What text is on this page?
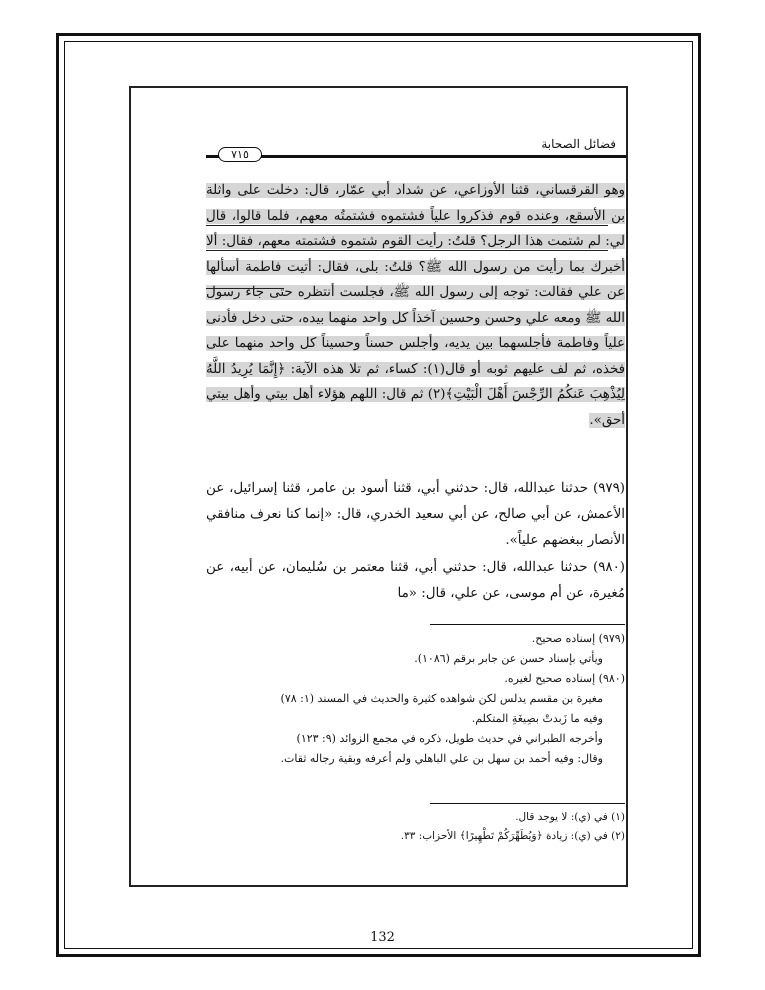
فضائل الصحابة
٧١٥

وهو القرقساني، قثنا الأوزاعي، عن شداد أبي عمّار، قال: دخلت على واثلة بن الأسقع، وعنده قوم فذكروا علياً فشتموه فشتمتُه معهم، فلما قالوا، قال لي: لم شتمت هذا الرجل؟ قلتُ: رأيت القوم شتموه فشتمته معهم، فقال: ألا أخبرك بما رأيت من رسول الله ﷺ؟ قلتُ: بلى، فقال: أتيت فاطمة أسألها عن علي فقالت: توجه إلى رسول الله ﷺ، فجلست أنتظره حتى جاء رسول الله ﷺ ومعه علي وحسن وحسين آخذاً كل واحد منهما بيده، حتى دخل فأدنى علياً وفاطمة فأجلسهما بين يديه، وأجلس حسناً وحسيناً كل واحد منهما على فخذه، ثم لف عليهم ثوبه أو قال(١): كساء، ثم تلا هذه الآية: ﴿إِنَّمَا يُرِيدُ اللَّهُ لِيُذْهِبَ عَنكُمُ الرِّجْسَ أَهْلَ الْبَيْتِ﴾(٢) ثم قال: اللهم هؤلاء أهل بيتي وأهل بيتي أحق».

(٩٧٩) حدثنا عبدالله، قال: حدثني أبي، قثنا أسود بن عامر، قثنا إسرائيل، عن الأعمش، عن أبي صالح، عن أبي سعيد الخدري، قال: «إنما كنا نعرف منافقي الأنصار ببغضهم علياً».

(٩٨٠) حدثنا عبدالله، قال: حدثني أبي، قثنا معتمر بن سُليمان، عن أبيه، عن مُغيرة، عن أم موسى، عن علي، قال: «ما

(٩٧٩) إسناده صحيح.
ويأتي بإسناد حسن عن جابر برقم (١٠٨٦).
(٩٨٠) إسناده صحيح لغيره.
مغيرة بن مقسم يدلس لكن شواهده كثيرة والحديث في المسند (١: ٧٨)
وفيه ما زَبدتْ بصِيغَةِ المتكلم.
وأخرجه الطبراني في حديث طويل، ذكره في مجمع الزوائد (٩: ١٢٣)
وقال: وفيه أحمد بن سهل بن علي الباهلي ولم أعرفه وبقية رجاله ثقات.
(١) في (ي): لا يوجد قال.
(٢) في (ي): زيادة ﴿وَيُطَهِّرَكُمْ تَطْهِيرًا﴾ الأحزاب: ٣٣.
132
